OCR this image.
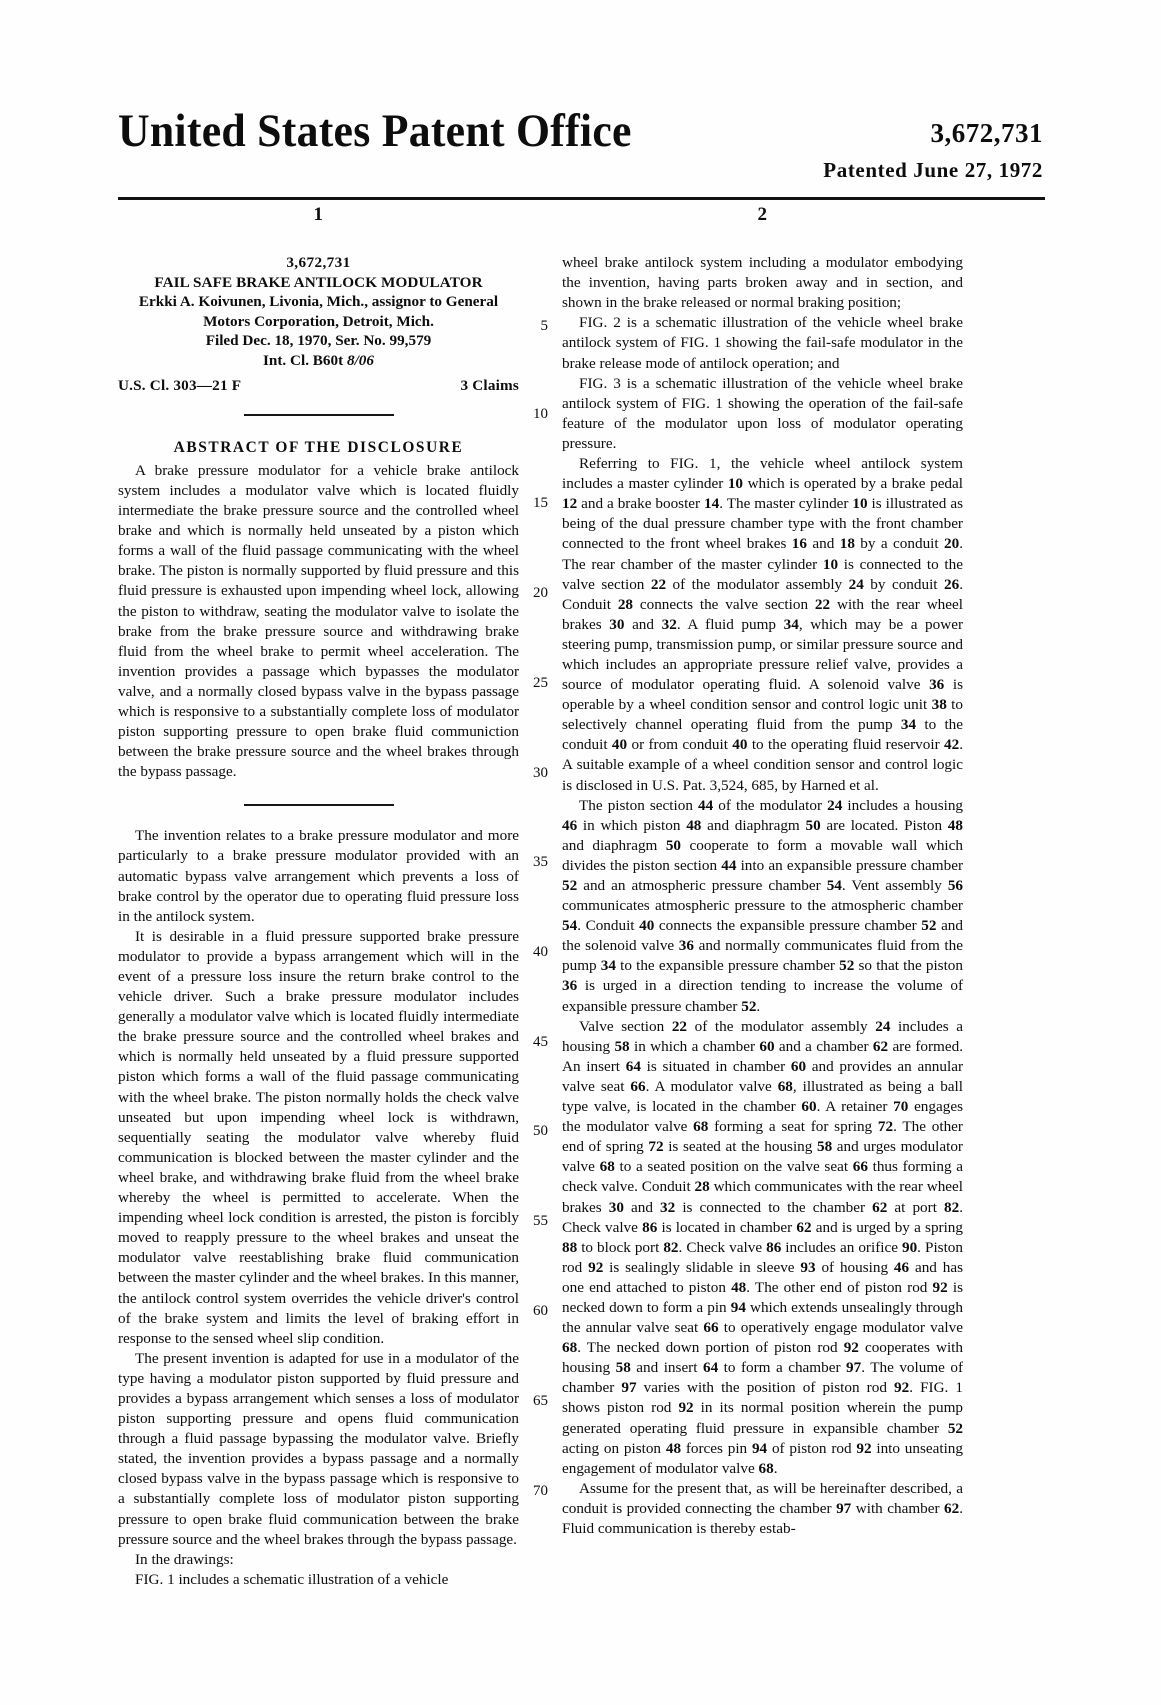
United States Patent Office	3,672,731
Patented June 27, 1972
5
10
15
20
25
30
35
40
45
50
55
60
65
70
1
3,672,731
FAIL SAFE BRAKE ANTILOCK MODULATOR
Erkki A. Koivunen, Livonia, Mich., assignor to General
Motors Corporation, Detroit, Mich.
Filed Dec. 18, 1970, Ser. No. 99,579
Int. Cl. B60t 8/06
U.S. Cl. 303—21 F	3 Claims
ABSTRACT OF THE DISCLOSURE

A brake pressure modulator for a vehicle brake antilock system includes a modulator valve which is located fluidly intermediate the brake pressure source and the controlled wheel brake and which is normally held unseated by a piston which forms a wall of the fluid passage communicating with the wheel brake. The piston is normally supported by fluid pressure and this fluid pressure is exhausted upon impending wheel lock, allowing the piston to withdraw, seating the modulator valve to isolate the brake from the brake pressure source and withdrawing brake fluid from the wheel brake to permit wheel acceleration. The invention provides a passage which bypasses the modulator valve, and a normally closed bypass valve in the bypass passage which is responsive to a substantially complete loss of modulator piston supporting pressure to open brake fluid communiction between the brake pressure source and the wheel brakes through the bypass passage.

The invention relates to a brake pressure modulator and more particularly to a brake pressure modulator provided with an automatic bypass valve arrangement which prevents a loss of brake control by the operator due to operating fluid pressure loss in the antilock system.

It is desirable in a fluid pressure supported brake pressure modulator to provide a bypass arrangement which will in the event of a pressure loss insure the return brake control to the vehicle driver. Such a brake pressure modulator includes generally a modulator valve which is located fluidly intermediate the brake pressure source and the controlled wheel brakes and which is normally held unseated by a fluid pressure supported piston which forms a wall of the fluid passage communicating with the wheel brake. The piston normally holds the check valve unseated but upon impending wheel lock is withdrawn, sequentially seating the modulator valve whereby fluid communication is blocked between the master cylinder and the wheel brake, and withdrawing brake fluid from the wheel brake whereby the wheel is permitted to accelerate. When the impending wheel lock condition is arrested, the piston is forcibly moved to reapply pressure to the wheel brakes and unseat the modulator valve reestablishing brake fluid communication between the master cylinder and the wheel brakes. In this manner, the antilock control system overrides the vehicle driver's control of the brake system and limits the level of braking effort in response to the sensed wheel slip condition.

The present invention is adapted for use in a modulator of the type having a modulator piston supported by fluid pressure and provides a bypass arrangement which senses a loss of modulator piston supporting pressure and opens fluid communication through a fluid passage bypassing the modulator valve. Briefly stated, the invention provides a bypass passage and a normally closed bypass valve in the bypass passage which is responsive to a substantially complete loss of modulator piston supporting pressure to open brake fluid communication between the brake pressure source and the wheel brakes through the bypass passage.

In the drawings:

FIG. 1 includes a schematic illustration of a vehicle

2

wheel brake antilock system including a modulator embodying the invention, having parts broken away and in section, and shown in the brake released or normal braking position;

FIG. 2 is a schematic illustration of the vehicle wheel brake antilock system of FIG. 1 showing the fail-safe modulator in the brake release mode of antilock operation; and

FIG. 3 is a schematic illustration of the vehicle wheel brake antilock system of FIG. 1 showing the operation of the fail-safe feature of the modulator upon loss of modulator operating pressure.

Referring to FIG. 1, the vehicle wheel antilock system includes a master cylinder 10 which is operated by a brake pedal 12 and a brake booster 14. The master cylinder 10 is illustrated as being of the dual pressure chamber type with the front chamber connected to the front wheel brakes 16 and 18 by a conduit 20. The rear chamber of the master cylinder 10 is connected to the valve section 22 of the modulator assembly 24 by conduit 26. Conduit 28 connects the valve section 22 with the rear wheel brakes 30 and 32. A fluid pump 34, which may be a power steering pump, transmission pump, or similar pressure source and which includes an appropriate pressure relief valve, provides a source of modulator operating fluid. A solenoid valve 36 is operable by a wheel condition sensor and control logic unit 38 to selectively channel operating fluid from the pump 34 to the conduit 40 or from conduit 40 to the operating fluid reservoir 42. A suitable example of a wheel condition sensor and control logic is disclosed in U.S. Pat. 3,524, 685, by Harned et al.

The piston section 44 of the modulator 24 includes a housing 46 in which piston 48 and diaphragm 50 are located. Piston 48 and diaphragm 50 cooperate to form a movable wall which divides the piston section 44 into an expansible pressure chamber 52 and an atmospheric pressure chamber 54. Vent assembly 56 communicates atmospheric pressure to the atmospheric chamber 54. Conduit 40 connects the expansible pressure chamber 52 and the solenoid valve 36 and normally communicates fluid from the pump 34 to the expansible pressure chamber 52 so that the piston 36 is urged in a direction tending to increase the volume of expansible pressure chamber 52.

Valve section 22 of the modulator assembly 24 includes a housing 58 in which a chamber 60 and a chamber 62 are formed. An insert 64 is situated in chamber 60 and provides an annular valve seat 66. A modulator valve 68, illustrated as being a ball type valve, is located in the chamber 60. A retainer 70 engages the modulator valve 68 forming a seat for spring 72. The other end of spring 72 is seated at the housing 58 and urges modulator valve 68 to a seated position on the valve seat 66 thus forming a check valve. Conduit 28 which communicates with the rear wheel brakes 30 and 32 is connected to the chamber 62 at port 82. Check valve 86 is located in chamber 62 and is urged by a spring 88 to block port 82. Check valve 86 includes an orifice 90. Piston rod 92 is sealingly slidable in sleeve 93 of housing 46 and has one end attached to piston 48. The other end of piston rod 92 is necked down to form a pin 94 which extends unsealingly through the annular valve seat 66 to operatively engage modulator valve 68. The necked down portion of piston rod 92 cooperates with housing 58 and insert 64 to form a chamber 97. The volume of chamber 97 varies with the position of piston rod 92. FIG. 1 shows piston rod 92 in its normal position wherein the pump generated operating fluid pressure in expansible chamber 52 acting on piston 48 forces pin 94 of piston rod 92 into unseating engagement of modulator valve 68.

Assume for the present that, as will be hereinafter described, a conduit is provided connecting the chamber 97 with chamber 62. Fluid communication is thereby estab-
